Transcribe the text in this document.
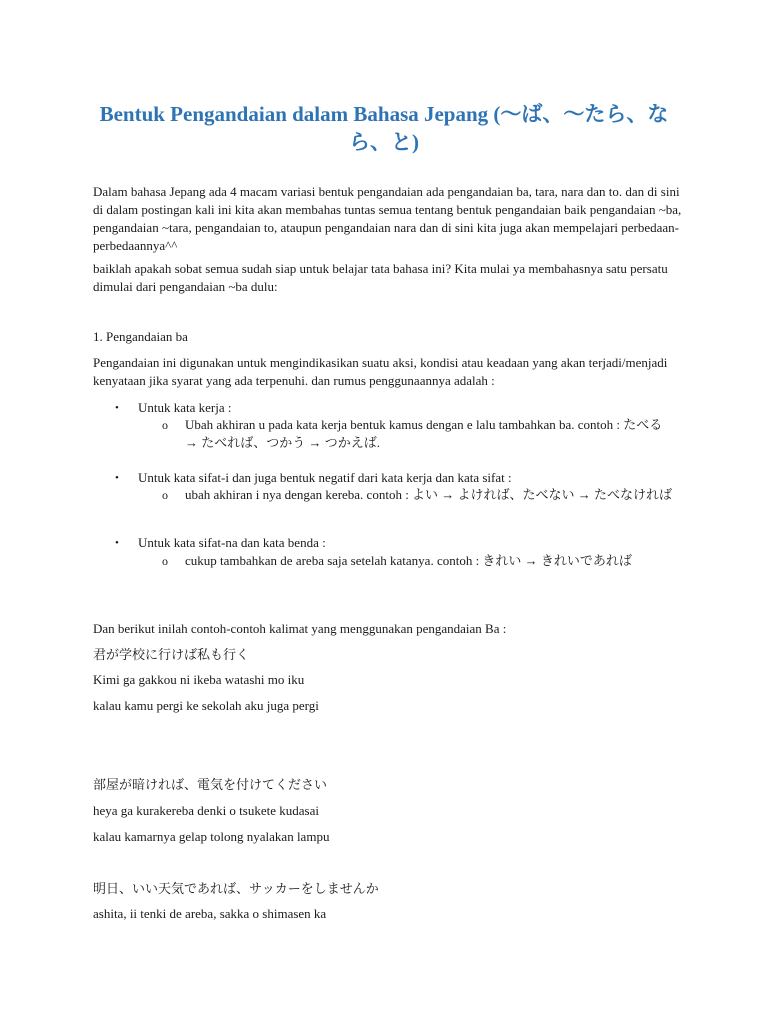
Bentuk Pengandaian dalam Bahasa Jepang (〜ば、〜たら、なら、と)

Dalam bahasa Jepang ada 4 macam variasi bentuk pengandaian ada pengandaian ba, tara, nara dan to. dan di sini di dalam postingan kali ini kita akan membahas tuntas semua tentang bentuk pengandaian baik pengandaian ~ba, pengandaian ~tara, pengandaian to, ataupun pengandaian nara dan di sini kita juga akan mempelajari perbedaan-perbedaannya^^

baiklah apakah sobat semua sudah siap untuk belajar tata bahasa ini? Kita mulai ya membahasnya satu persatu dimulai dari pengandaian ~ba dulu:

1. Pengandaian ba

Pengandaian ini digunakan untuk mengindikasikan suatu aksi, kondisi atau keadaan yang akan terjadi/menjadi kenyataan jika syarat yang ada terpenuhi. dan rumus penggunaannya adalah :

• Untuk kata kerja :

o Ubah akhiran u pada kata kerja bentuk kamus dengan e lalu tambahkan ba. contoh : たべる → たべれば、つかう → つかえば.

• Untuk kata sifat-i dan juga bentuk negatif dari kata kerja dan kata sifat :

o ubah akhiran i nya dengan kereba. contoh : よい → よければ、たべない → たべなければ

• Untuk kata sifat-na dan kata benda :

o cukup tambahkan de areba saja setelah katanya. contoh : きれい → きれいであれば

Dan berikut inilah contoh-contoh kalimat yang menggunakan pengandaian Ba :

君が学校に行けば私も行く

Kimi ga gakkou ni ikeba watashi mo iku

kalau kamu pergi ke sekolah aku juga pergi

部屋が暗ければ、電気を付けてください

heya ga kurakereba denki o tsukete kudasai

kalau kamarnya gelap tolong nyalakan lampu

明日、いい天気であれば、サッカーをしませんか

ashita, ii tenki de areba, sakka o shimasen ka
